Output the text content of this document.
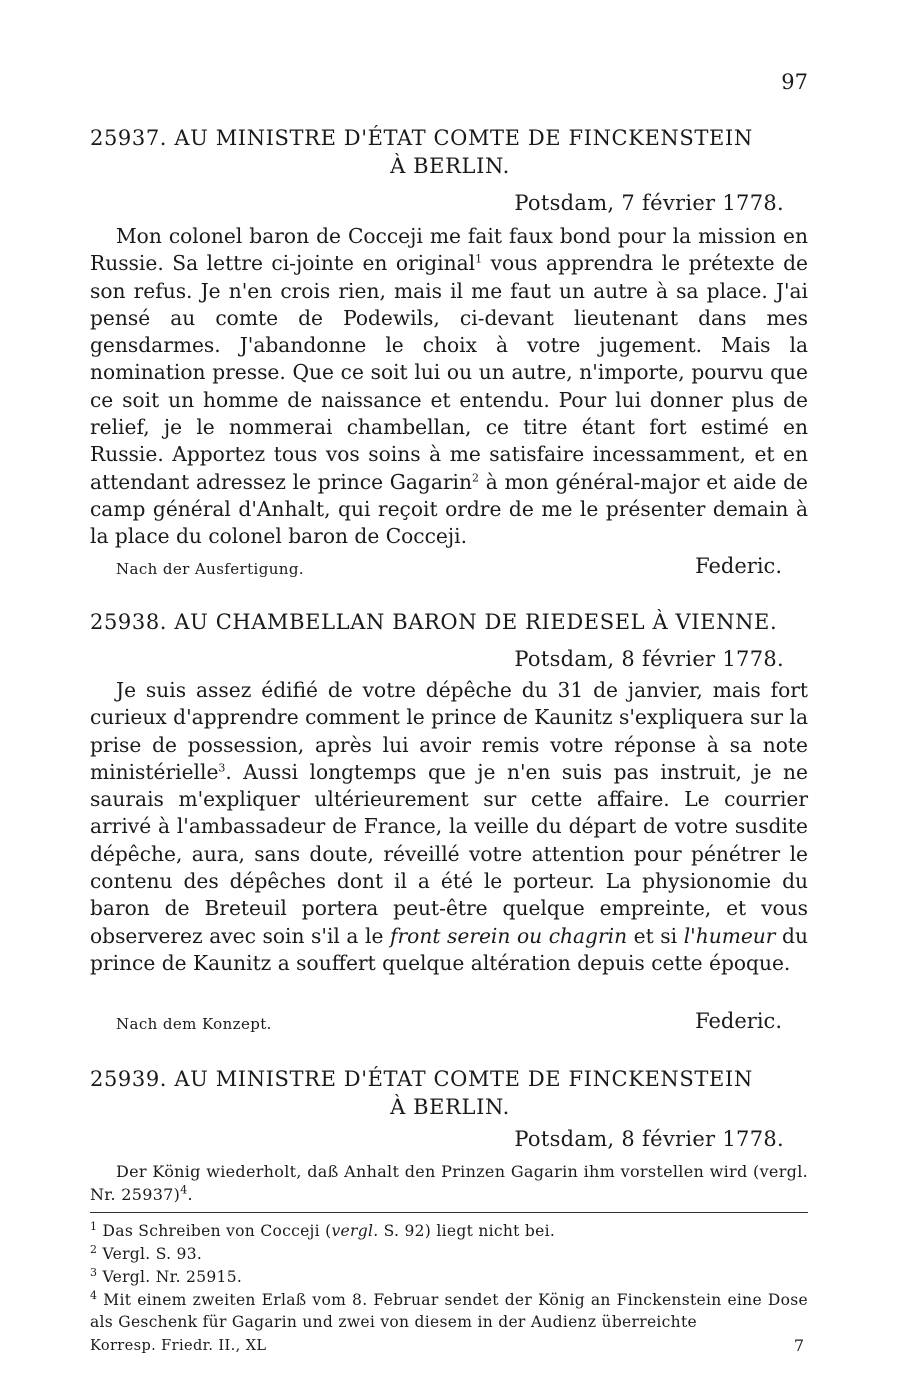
97
25937. AU MINISTRE D'ÉTAT COMTE DE FINCKENSTEIN
À BERLIN.
Potsdam, 7 février 1778.

Mon colonel baron de Cocceji me fait faux bond pour la mission en Russie. Sa lettre ci-jointe en original$^1$ vous apprendra le prétexte de son refus. Je n'en crois rien, mais il me faut un autre à sa place. J'ai pensé au comte de Podewils, ci-devant lieutenant dans mes gensdarmes. J'abandonne le choix à votre jugement. Mais la nomination presse. Que ce soit lui ou un autre, n'importe, pourvu que ce soit un homme de naissance et entendu. Pour lui donner plus de relief, je le nommerai chambellan, ce titre étant fort estimé en Russie. Apportez tous vos soins à me satisfaire incessamment, et en attendant adressez le prince Gagarin$^2$ à mon général-major et aide de camp général d'Anhalt, qui reçoit ordre de me le présenter demain à la place du colonel baron de Cocceji.

Nach der Ausfertigung.	Federic.
25938. AU CHAMBELLAN BARON DE RIEDESEL À VIENNE.
Potsdam, 8 février 1778.

Je suis assez édifié de votre dépêche du 31 de janvier, mais fort curieux d'apprendre comment le prince de Kaunitz s'expliquera sur la prise de possession, après lui avoir remis votre réponse à sa note ministérielle$^3$. Aussi longtemps que je n'en suis pas instruit, je ne saurais m'expliquer ultérieurement sur cette affaire. Le courrier arrivé à l'ambassadeur de France, la veille du départ de votre susdite dépêche, aura, sans doute, réveillé votre attention pour pénétrer le contenu des dépêches dont il a été le porteur. La physionomie du baron de Breteuil portera peut-être quelque empreinte, et vous observerez avec soin s'il a le front serein ou chagrin et si l'humeur du prince de Kaunitz a souffert quelque altération depuis cette époque.

Nach dem Konzept.	Federic.
25939. AU MINISTRE D'ÉTAT COMTE DE FINCKENSTEIN
À BERLIN.
Potsdam, 8 février 1778.

Der König wiederholt, daß Anhalt den Prinzen Gagarin ihm vorstellen wird (vergl. Nr. 25937)$^4$.

$^1$ Das Schreiben von Cocceji (vergl. S. 92) liegt nicht bei.
$^2$ Vergl. S. 93.
$^3$ Vergl. Nr. 25915.
$^4$ Mit einem zweiten Erlaß vom 8. Februar sendet der König an Finckenstein eine Dose als Geschenk für Gagarin und zwei von diesem in der Audienz überreichte
Korresp. Friedr. II., XL	7
